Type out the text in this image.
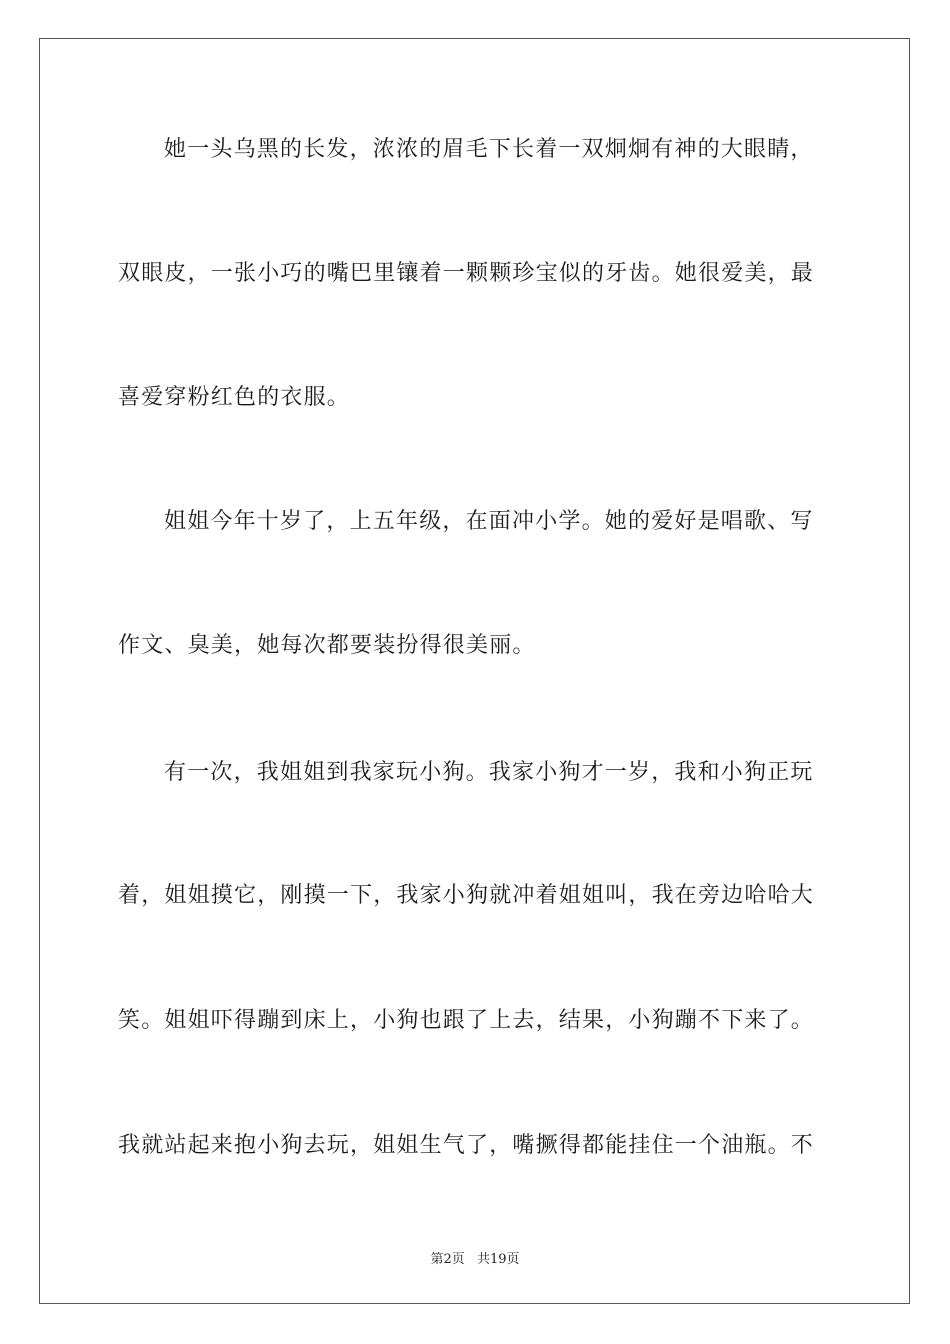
她一头乌黑的长发，浓浓的眉毛下长着一双炯炯有神的大眼睛，
双眼皮，一张小巧的嘴巴里镶着一颗颗珍宝似的牙齿。她很爱美，最
喜爱穿粉红色的衣服。
姐姐今年十岁了，上五年级，在面冲小学。她的爱好是唱歌、写
作文、臭美，她每次都要装扮得很美丽。
有一次，我姐姐到我家玩小狗。我家小狗才一岁，我和小狗正玩
着，姐姐摸它，刚摸一下，我家小狗就冲着姐姐叫，我在旁边哈哈大
笑。姐姐吓得蹦到床上，小狗也跟了上去，结果，小狗蹦不下来了。
我就站起来抱小狗去玩，姐姐生气了，嘴撅得都能挂住一个油瓶。不
第2页 共19页
